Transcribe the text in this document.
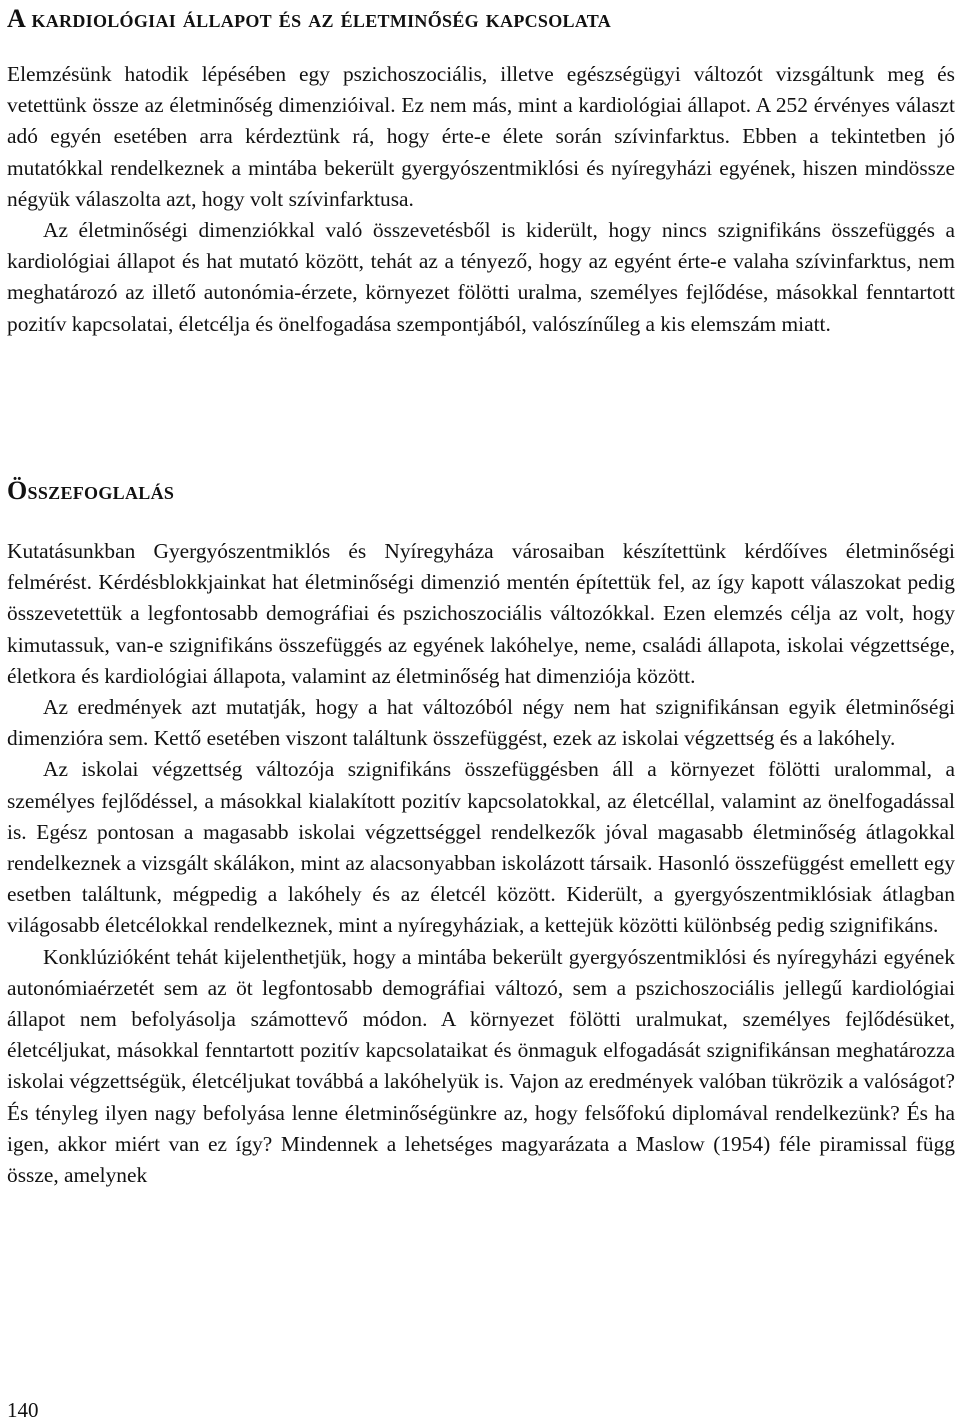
A kardiológiai állapot és az életminőség kapcsolata

Elemzésünk hatodik lépésében egy pszichoszociális, illetve egészségügyi változót vizsgáltunk meg és vetettünk össze az életminőség dimenzióival. Ez nem más, mint a kardiológiai állapot. A 252 érvényes választ adó egyén esetében arra kérdeztünk rá, hogy érte-e élete során szívinfarktus. Ebben a tekintetben jó mutatókkal rendelkeznek a mintába bekerült gyergyószentmiklósi és nyíregyházi egyének, hiszen mindössze négyük válaszolta azt, hogy volt szívinfarktusa.

Az életminőségi dimenziókkal való összevetésből is kiderült, hogy nincs szignifikáns összefüggés a kardiológiai állapot és hat mutató között, tehát az a tényező, hogy az egyént érte-e valaha szívinfarktus, nem meghatározó az illető autonómia-érzete, környezet fölötti uralma, személyes fejlődése, másokkal fenntartott pozitív kapcsolatai, életcélja és önelfogadása szempontjából, valószínűleg a kis elemszám miatt.

Összefoglalás

Kutatásunkban Gyergyószentmiklós és Nyíregyháza városaiban készítettünk kérdőíves életminőségi felmérést. Kérdésblokkjainkat hat életminőségi dimenzió mentén építettük fel, az így kapott válaszokat pedig összevetettük a legfontosabb demográfiai és pszichoszociális változókkal. Ezen elemzés célja az volt, hogy kimutassuk, van-e szignifikáns összefüggés az egyének lakóhelye, neme, családi állapota, iskolai végzettsége, életkora és kardiológiai állapota, valamint az életminőség hat dimenziója között.

Az eredmények azt mutatják, hogy a hat változóból négy nem hat szignifikánsan egyik életminőségi dimenzióra sem. Kettő esetében viszont találtunk összefüggést, ezek az iskolai végzettség és a lakóhely.

Az iskolai végzettség változója szignifikáns összefüggésben áll a környezet fölötti uralommal, a személyes fejlődéssel, a másokkal kialakított pozitív kapcsolatokkal, az életcéllal, valamint az önelfogadással is. Egész pontosan a magasabb iskolai végzettséggel rendelkezők jóval magasabb életminőség átlagokkal rendelkeznek a vizsgált skálákon, mint az alacsonyabban iskolázott társaik. Hasonló összefüggést emellett egy esetben találtunk, mégpedig a lakóhely és az életcél között. Kiderült, a gyergyószentmiklósiak átlagban világosabb életcélokkal rendelkeznek, mint a nyíregyháziak, a kettejük közötti különbség pedig szignifikáns.

Konklúzióként tehát kijelenthetjük, hogy a mintába bekerült gyergyószentmiklósi és nyíregyházi egyének autonómiaérzetét sem az öt legfontosabb demográfiai változó, sem a pszichoszociális jellegű kardiológiai állapot nem befolyásolja számottevő módon. A környezet fölötti uralmukat, személyes fejlődésüket, életcéljukat, másokkal fenntartott pozitív kapcsolataikat és önmaguk elfogadását szignifikánsan meghatározza iskolai végzettségük, életcéljukat továbbá a lakóhelyük is. Vajon az eredmények valóban tükrözik a valóságot? És tényleg ilyen nagy befolyása lenne életminőségünkre az, hogy felsőfokú diplomával rendelkezünk? És ha igen, akkor miért van ez így? Mindennek a lehetséges magyarázata a Maslow (1954) féle piramissal függ össze, amelynek

140
